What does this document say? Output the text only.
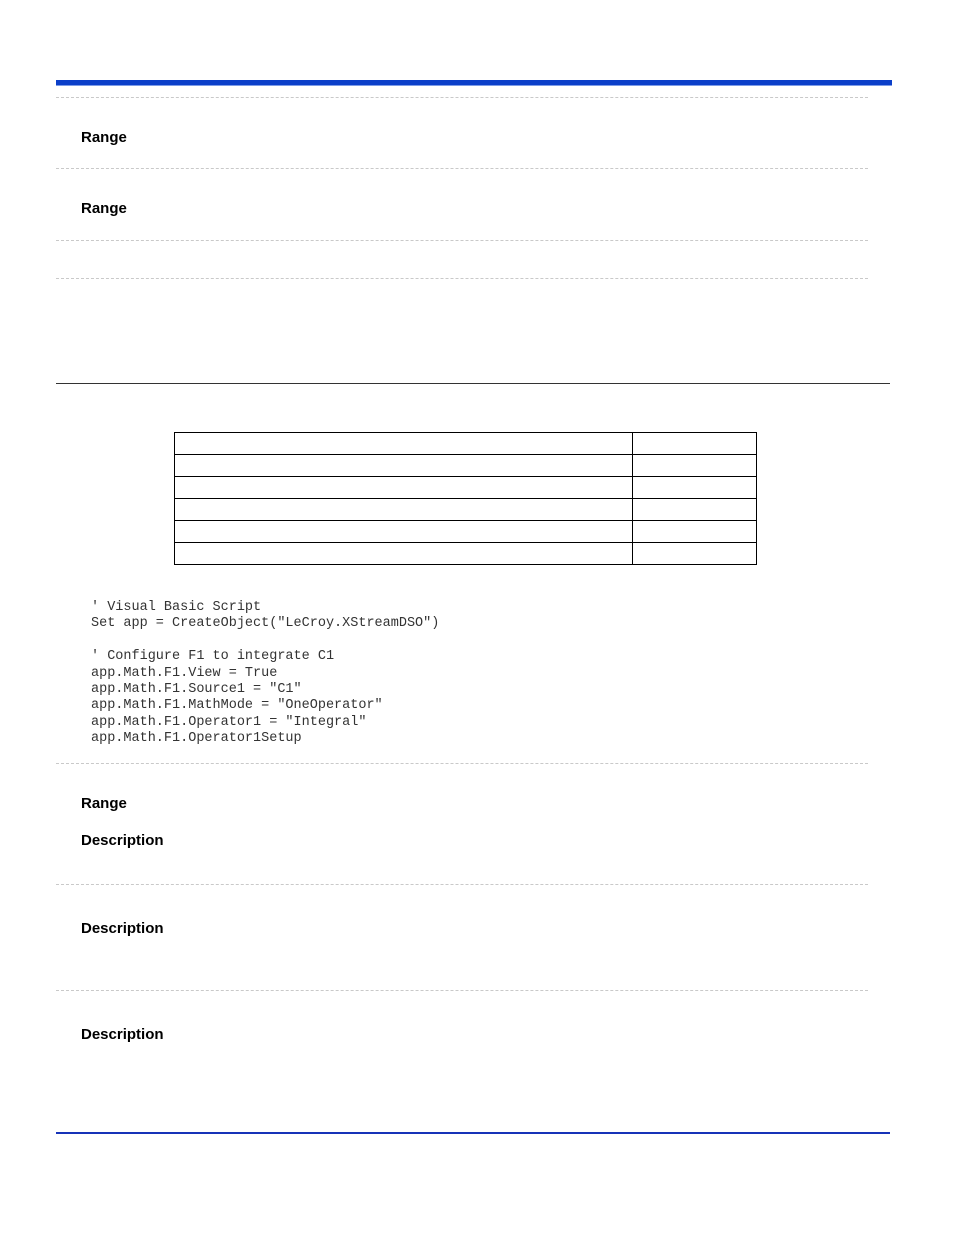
Range
Range

' Visual Basic Script
Set app = CreateObject("LeCroy.XStreamDSO")

' Configure F1 to integrate C1
app.Math.F1.View = True
app.Math.F1.Source1 = "C1"
app.Math.F1.MathMode = "OneOperator"
app.Math.F1.Operator1 = "Integral"
app.Math.F1.Operator1Setup

Range
Description
Description
Description
